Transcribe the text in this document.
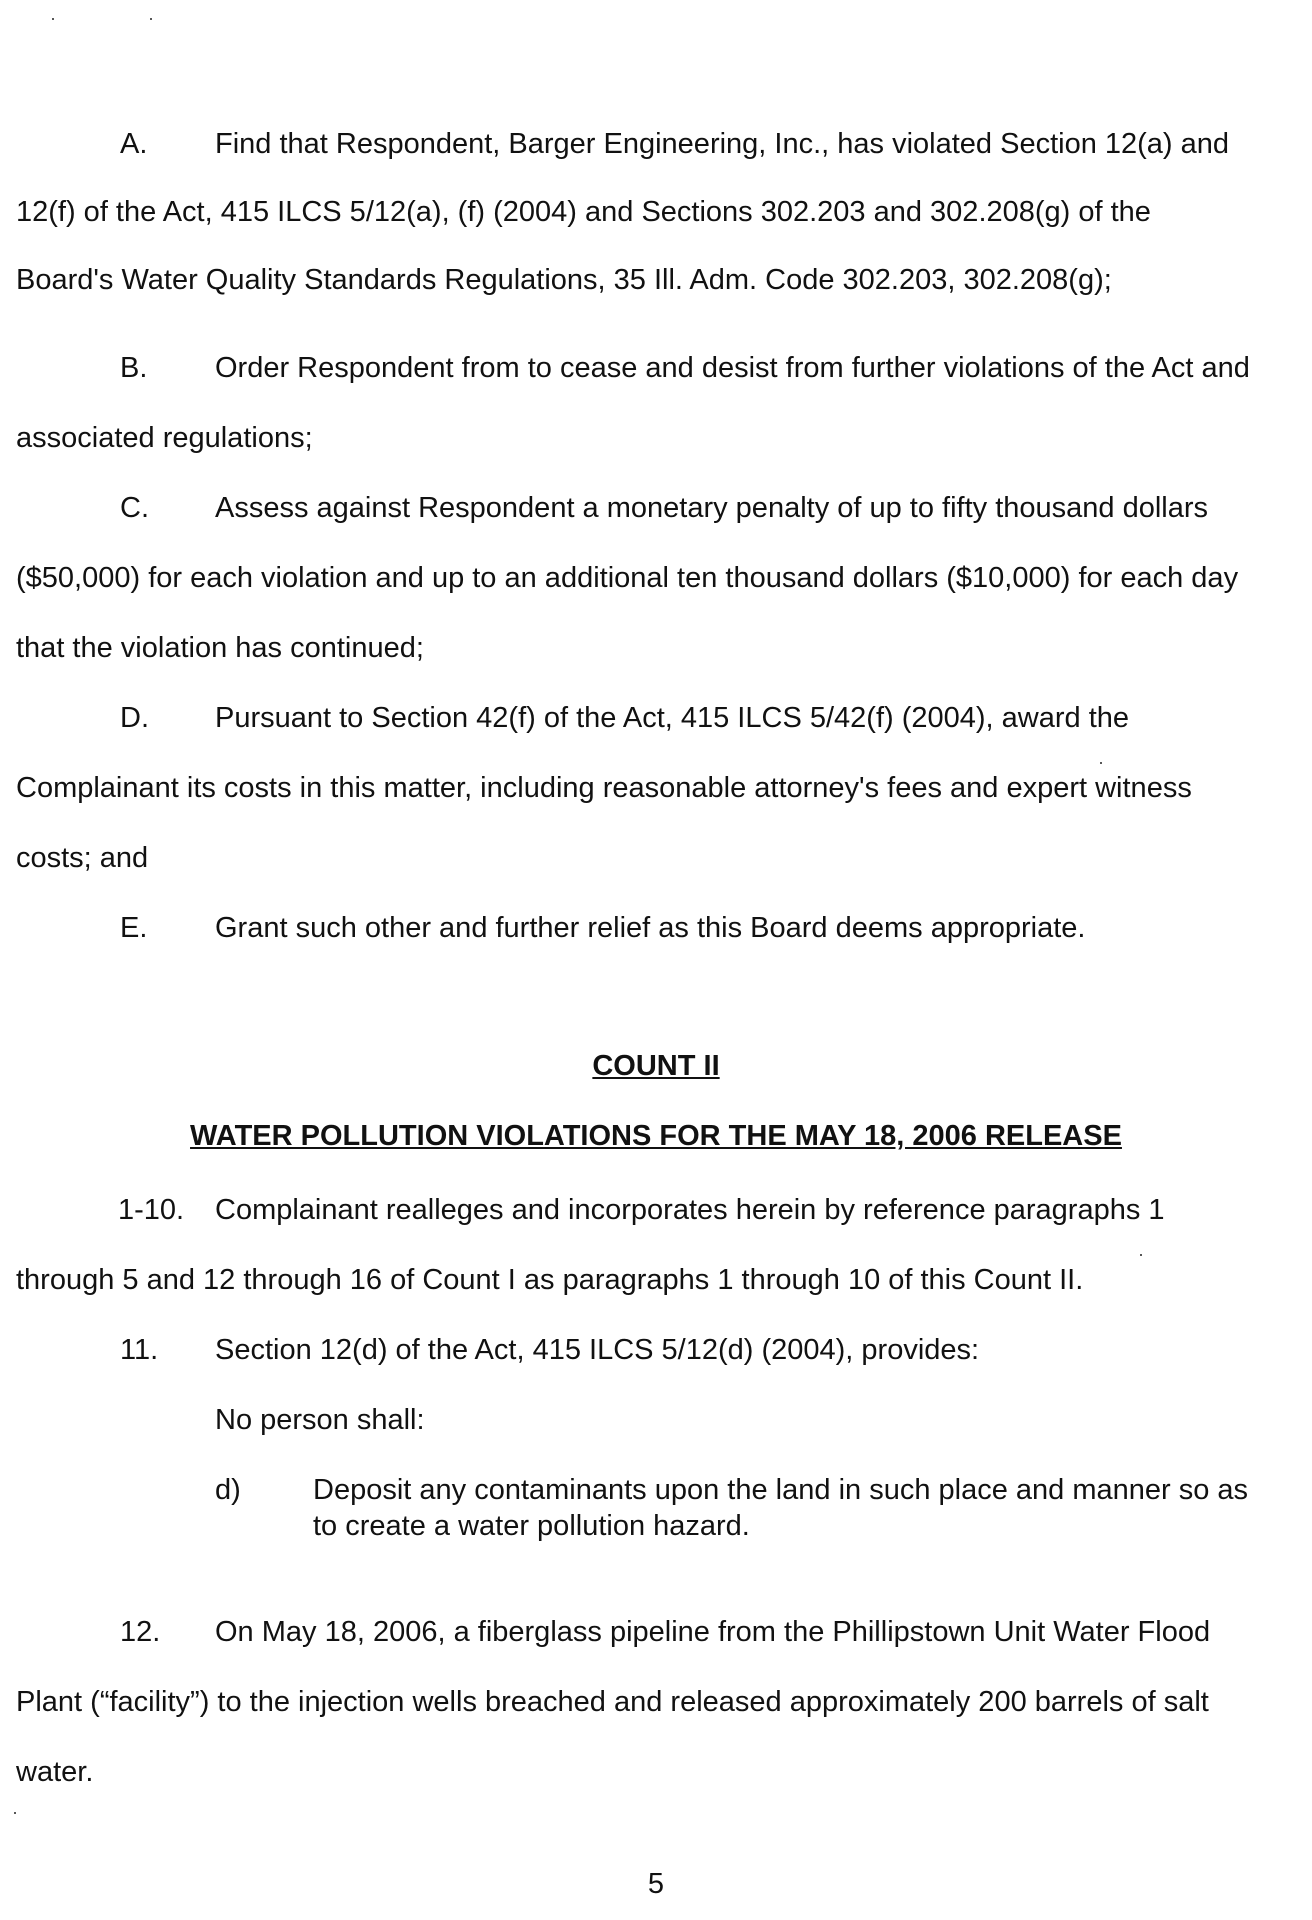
A. Find that Respondent, Barger Engineering, Inc., has violated Section 12(a) and
12(f) of the Act, 415 ILCS 5/12(a), (f) (2004) and Sections 302.203 and 302.208(g) of the
Board's Water Quality Standards Regulations, 35 Ill. Adm. Code 302.203, 302.208(g);
B. Order Respondent from to cease and desist from further violations of the Act and
associated regulations;
C. Assess against Respondent a monetary penalty of up to fifty thousand dollars
($50,000) for each violation and up to an additional ten thousand dollars ($10,000) for each day
that the violation has continued;
D. Pursuant to Section 42(f) of the Act, 415 ILCS 5/42(f) (2004), award the
Complainant its costs in this matter, including reasonable attorney's fees and expert witness
costs; and
E. Grant such other and further relief as this Board deems appropriate.
COUNT II
WATER POLLUTION VIOLATIONS FOR THE MAY 18, 2006 RELEASE
1-10. Complainant realleges and incorporates herein by reference paragraphs 1
through 5 and 12 through 16 of Count I as paragraphs 1 through 10 of this Count II.
11. Section 12(d) of the Act, 415 ILCS 5/12(d) (2004), provides:
No person shall:
d) Deposit any contaminants upon the land in such place and manner so as
to create a water pollution hazard.
12. On May 18, 2006, a fiberglass pipeline from the Phillipstown Unit Water Flood
Plant (“facility”) to the injection wells breached and released approximately 200 barrels of salt
water.
5
